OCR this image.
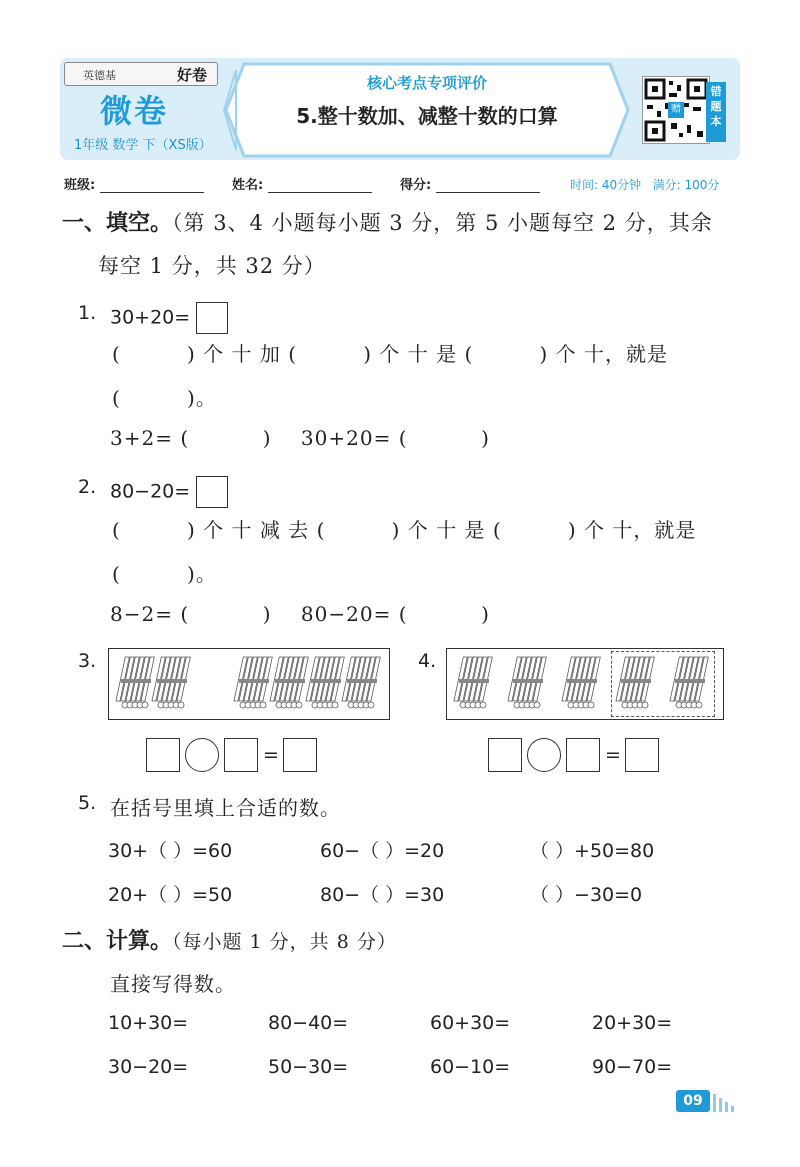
英德基	好卷
微卷
1年级 数学 下（XS版）
核心考点专项评价
5.整十数加、减整十数的口算	赠
错
题
本
班级:	姓名:	得分:	时间: 40分钟 满分: 100分
一、填空。（第 3、4 小题每小题 3 分，第 5 小题每空 2 分，其余
每空 1 分，共 32 分）
1. 30+20=
(         ) 个 十 加 (         ) 个 十 是 (         ) 个 十，就是
(         )。
3+2= (          )    30+20= (          )
2. 80−20=
(         ) 个 十 减 去 (         ) 个 十 是 (         ) 个 十，就是
(         )。
8−2= (          )    80−20= (          )
3.
=
4.
=
5. 在括号里填上合适的数。
30+（ ）=60	60−（ ）=20	（ ）+50=80
20+（ ）=50	80−（ ）=30	（ ）−30=0
二、计算。（每小题 1 分，共 8 分）
直接写得数。
10+30=	80−40=	60+30=	20+30=
30−20=	50−30=	60−10=	90−70=
09
